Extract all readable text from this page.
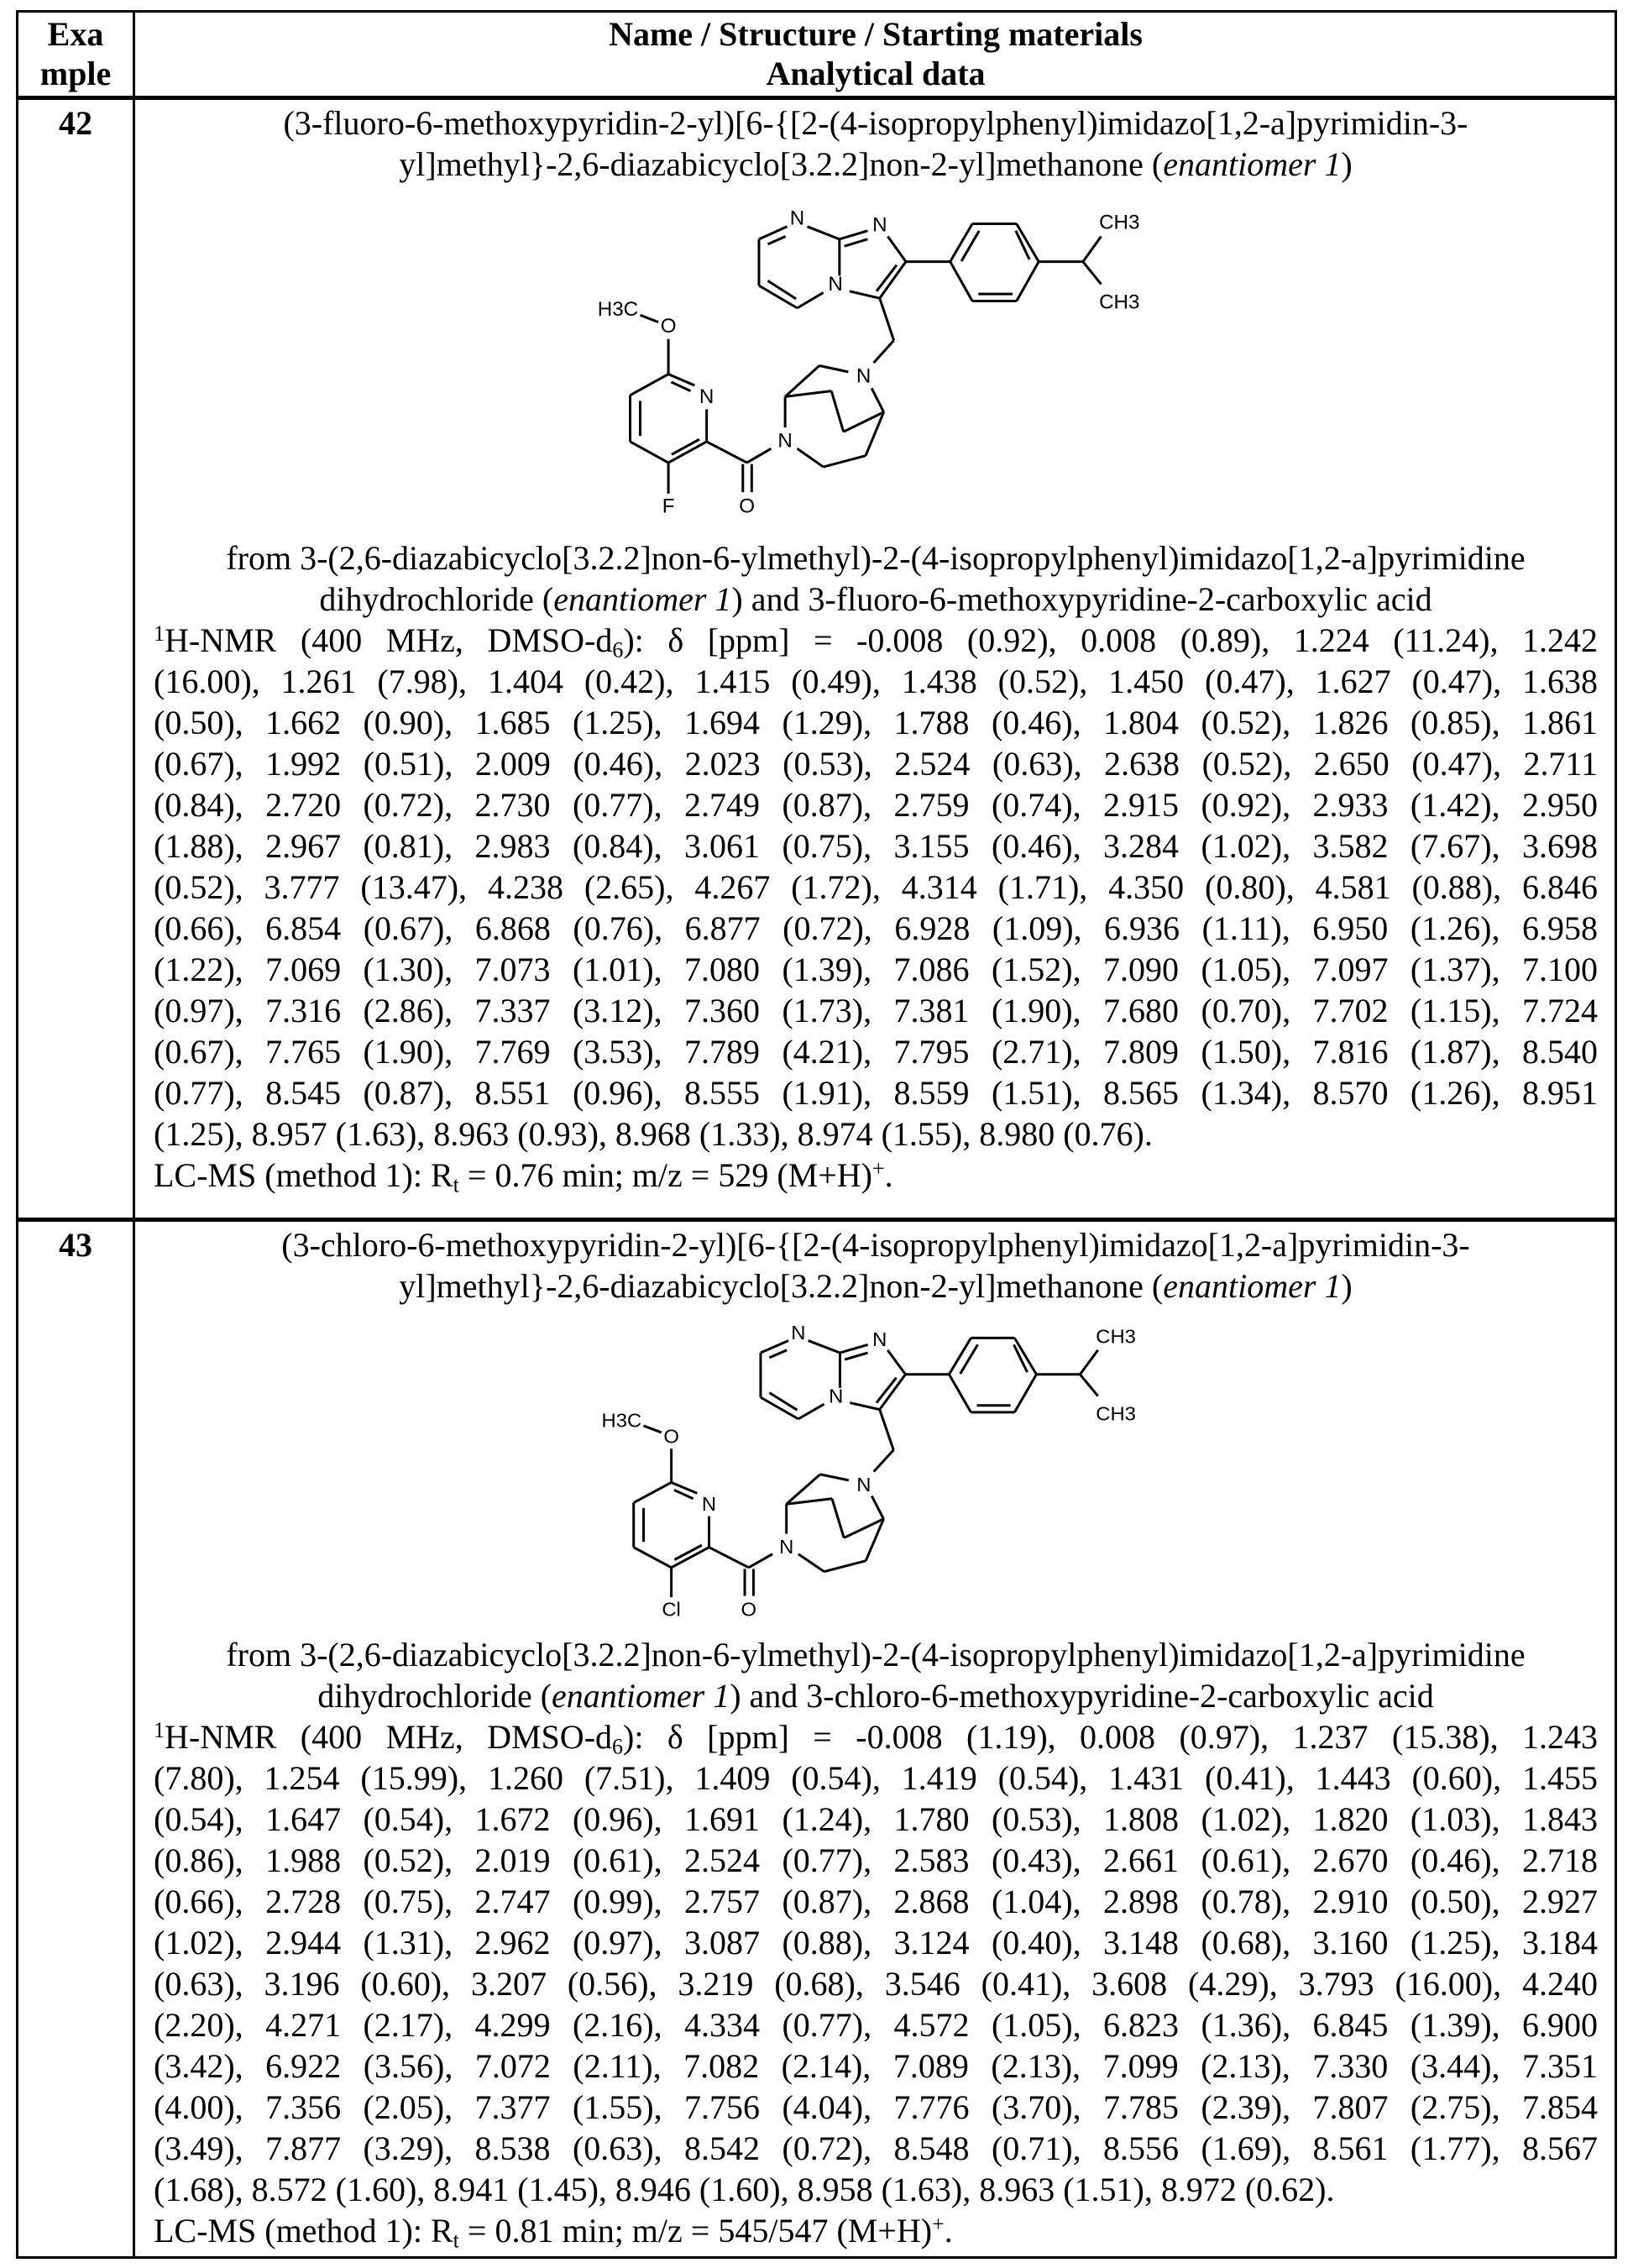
Exa
mple

Name / Structure / Starting materials
Analytical data

42	(3-fluoro-6-methoxypyridin-2-yl)[6-{[2-(4-isopropylphenyl)imidazo[1,2-a]pyrimidin-3-
yl]methyl}-2,6-diazabicyclo[3.2.2]non-2-yl]methanone (enantiomer 1)
N N
N
N
N
N
O
O
F
H3C
CH3
CH3
from 3-(2,6-diazabicyclo[3.2.2]non-6-ylmethyl)-2-(4-isopropylphenyl)imidazo[1,2-a]pyrimidine
dihydrochloride (enantiomer 1) and 3-fluoro-6-methoxypyridine-2-carboxylic acid
1H-NMR (400 MHz, DMSO-d6): δ [ppm] = -0.008 (0.92), 0.008 (0.89), 1.224 (11.24), 1.242
(16.00), 1.261 (7.98), 1.404 (0.42), 1.415 (0.49), 1.438 (0.52), 1.450 (0.47), 1.627 (0.47), 1.638
(0.50), 1.662 (0.90), 1.685 (1.25), 1.694 (1.29), 1.788 (0.46), 1.804 (0.52), 1.826 (0.85), 1.861
(0.67), 1.992 (0.51), 2.009 (0.46), 2.023 (0.53), 2.524 (0.63), 2.638 (0.52), 2.650 (0.47), 2.711
(0.84), 2.720 (0.72), 2.730 (0.77), 2.749 (0.87), 2.759 (0.74), 2.915 (0.92), 2.933 (1.42), 2.950
(1.88), 2.967 (0.81), 2.983 (0.84), 3.061 (0.75), 3.155 (0.46), 3.284 (1.02), 3.582 (7.67), 3.698
(0.52), 3.777 (13.47), 4.238 (2.65), 4.267 (1.72), 4.314 (1.71), 4.350 (0.80), 4.581 (0.88), 6.846
(0.66), 6.854 (0.67), 6.868 (0.76), 6.877 (0.72), 6.928 (1.09), 6.936 (1.11), 6.950 (1.26), 6.958
(1.22), 7.069 (1.30), 7.073 (1.01), 7.080 (1.39), 7.086 (1.52), 7.090 (1.05), 7.097 (1.37), 7.100
(0.97), 7.316 (2.86), 7.337 (3.12), 7.360 (1.73), 7.381 (1.90), 7.680 (0.70), 7.702 (1.15), 7.724
(0.67), 7.765 (1.90), 7.769 (3.53), 7.789 (4.21), 7.795 (2.71), 7.809 (1.50), 7.816 (1.87), 8.540
(0.77), 8.545 (0.87), 8.551 (0.96), 8.555 (1.91), 8.559 (1.51), 8.565 (1.34), 8.570 (1.26), 8.951
(1.25), 8.957 (1.63), 8.963 (0.93), 8.968 (1.33), 8.974 (1.55), 8.980 (0.76).
LC-MS (method 1): Rt = 0.76 min; m/z = 529 (M+H)+.

43	(3-chloro-6-methoxypyridin-2-yl)[6-{[2-(4-isopropylphenyl)imidazo[1,2-a]pyrimidin-3-
yl]methyl}-2,6-diazabicyclo[3.2.2]non-2-yl]methanone (enantiomer 1)
N N
N
N
N
N
O
O
Cl
H3C
CH3
CH3
from 3-(2,6-diazabicyclo[3.2.2]non-6-ylmethyl)-2-(4-isopropylphenyl)imidazo[1,2-a]pyrimidine
dihydrochloride (enantiomer 1) and 3-chloro-6-methoxypyridine-2-carboxylic acid
1H-NMR (400 MHz, DMSO-d6): δ [ppm] = -0.008 (1.19), 0.008 (0.97), 1.237 (15.38), 1.243
(7.80), 1.254 (15.99), 1.260 (7.51), 1.409 (0.54), 1.419 (0.54), 1.431 (0.41), 1.443 (0.60), 1.455
(0.54), 1.647 (0.54), 1.672 (0.96), 1.691 (1.24), 1.780 (0.53), 1.808 (1.02), 1.820 (1.03), 1.843
(0.86), 1.988 (0.52), 2.019 (0.61), 2.524 (0.77), 2.583 (0.43), 2.661 (0.61), 2.670 (0.46), 2.718
(0.66), 2.728 (0.75), 2.747 (0.99), 2.757 (0.87), 2.868 (1.04), 2.898 (0.78), 2.910 (0.50), 2.927
(1.02), 2.944 (1.31), 2.962 (0.97), 3.087 (0.88), 3.124 (0.40), 3.148 (0.68), 3.160 (1.25), 3.184
(0.63), 3.196 (0.60), 3.207 (0.56), 3.219 (0.68), 3.546 (0.41), 3.608 (4.29), 3.793 (16.00), 4.240
(2.20), 4.271 (2.17), 4.299 (2.16), 4.334 (0.77), 4.572 (1.05), 6.823 (1.36), 6.845 (1.39), 6.900
(3.42), 6.922 (3.56), 7.072 (2.11), 7.082 (2.14), 7.089 (2.13), 7.099 (2.13), 7.330 (3.44), 7.351
(4.00), 7.356 (2.05), 7.377 (1.55), 7.756 (4.04), 7.776 (3.70), 7.785 (2.39), 7.807 (2.75), 7.854
(3.49), 7.877 (3.29), 8.538 (0.63), 8.542 (0.72), 8.548 (0.71), 8.556 (1.69), 8.561 (1.77), 8.567
(1.68), 8.572 (1.60), 8.941 (1.45), 8.946 (1.60), 8.958 (1.63), 8.963 (1.51), 8.972 (0.62).
LC-MS (method 1): Rt = 0.81 min; m/z = 545/547 (M+H)+.
